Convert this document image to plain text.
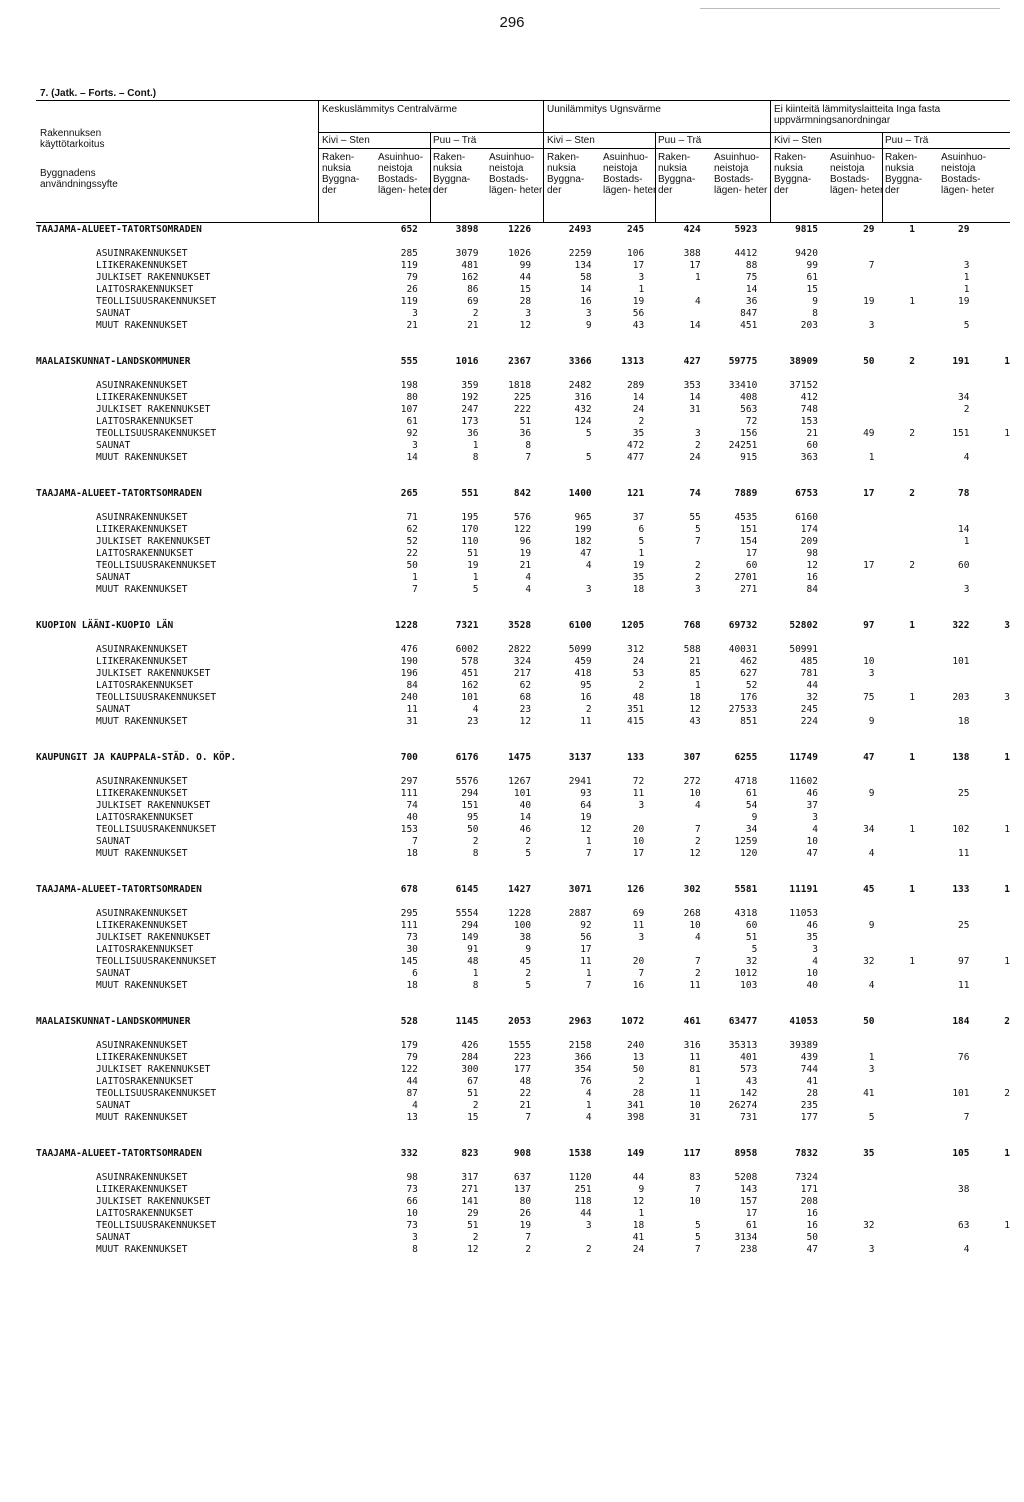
296
7. (Jatk. – Forts. – Cont.)
Rakennuksen käyttötarkoitus
Byggnadens användningssyfte
Keskuslämmitys Centralvärme	Uunilämmitys Ugnsvärme	Ei kiinteitä lämmityslaitteita Inga fasta uppvärmningsanordningar
Kivi – Sten	Puu – Trä	Kivi – Sten	Puu – Trä	Kivi – Sten	Puu – Trä
Raken- nuksia Byggna- der
Asuinhuo- neistoja Bostads- lägen- heter
Raken- nuksia Byggna- der
Asuinhuo- neistoja Bostads- lägen- heter
Raken- nuksia Byggna- der
Asuinhuo- neistoja Bostads- lägen- heter
Raken- nuksia Byggna- der
Asuinhuo- neistoja Bostads- lägen- heter
Raken- nuksia Byggna- der
Asuinhuo- neistoja Bostads- lägen- heter
Raken- nuksia Byggna- der
Asuinhuo- neistoja Bostads- lägen- heter
TAAJAMA-ALUEET-TATORTSOMRADEN	652	3898	1226	2493	245	424	5923	9815	29	1	29	

ASUINRAKENNUKSET	285	3079	1026	2259	106	388	4412	9420				
LIIKERAKENNUKSET	119	481	99	134	17	17	88	99	7		3	
JULKISET RAKENNUKSET	79	162	44	58	3	1	75	61			1	
LAITOSRAKENNUKSET	26	86	15	14	1		14	15			1	
TEOLLISUUSRAKENNUKSET	119	69	28	16	19	4	36	9	19	1	19	
SAUNAT	3	2	3	3	56		847	8				
MUUT RAKENNUKSET	21	21	12	9	43	14	451	203	3		5	

MAALAISKUNNAT-LANDSKOMMUNER	555	1016	2367	3366	1313	427	59775	38909	50	2	191	1

ASUINRAKENNUKSET	198	359	1818	2482	289	353	33410	37152				
LIIKERAKENNUKSET	80	192	225	316	14	14	408	412			34	
JULKISET RAKENNUKSET	107	247	222	432	24	31	563	748			2	
LAITOSRAKENNUKSET	61	173	51	124	2		72	153				
TEOLLISUUSRAKENNUKSET	92	36	36	5	35	3	156	21	49	2	151	1
SAUNAT	3	1	8		472	2	24251	60				
MUUT RAKENNUKSET	14	8	7	5	477	24	915	363	1		4	

TAAJAMA-ALUEET-TATORTSOMRADEN	265	551	842	1400	121	74	7889	6753	17	2	78	

ASUINRAKENNUKSET	71	195	576	965	37	55	4535	6160				
LIIKERAKENNUKSET	62	170	122	199	6	5	151	174			14	
JULKISET RAKENNUKSET	52	110	96	182	5	7	154	209			1	
LAITOSRAKENNUKSET	22	51	19	47	1		17	98				
TEOLLISUUSRAKENNUKSET	50	19	21	4	19	2	60	12	17	2	60	
SAUNAT	1	1	4		35	2	2701	16				
MUUT RAKENNUKSET	7	5	4	3	18	3	271	84			3	

KUOPION LÄÄNI-KUOPIO LÄN	1228	7321	3528	6100	1205	768	69732	52802	97	1	322	3

ASUINRAKENNUKSET	476	6002	2822	5099	312	588	40031	50991				
LIIKERAKENNUKSET	190	578	324	459	24	21	462	485	10		101	
JULKISET RAKENNUKSET	196	451	217	418	53	85	627	781	3			
LAITOSRAKENNUKSET	84	162	62	95	2	1	52	44				
TEOLLISUUSRAKENNUKSET	240	101	68	16	48	18	176	32	75	1	203	3
SAUNAT	11	4	23	2	351	12	27533	245				
MUUT RAKENNUKSET	31	23	12	11	415	43	851	224	9		18	

KAUPUNGIT JA KAUPPALA-STÄD. O. KÖP.	700	6176	1475	3137	133	307	6255	11749	47	1	138	1

ASUINRAKENNUKSET	297	5576	1267	2941	72	272	4718	11602				
LIIKERAKENNUKSET	111	294	101	93	11	10	61	46	9		25	
JULKISET RAKENNUKSET	74	151	40	64	3	4	54	37				
LAITOSRAKENNUKSET	40	95	14	19			9	3				
TEOLLISUUSRAKENNUKSET	153	50	46	12	20	7	34	4	34	1	102	1
SAUNAT	7	2	2	1	10	2	1259	10				
MUUT RAKENNUKSET	18	8	5	7	17	12	120	47	4		11	

TAAJAMA-ALUEET-TATORTSOMRADEN	678	6145	1427	3071	126	302	5581	11191	45	1	133	1

ASUINRAKENNUKSET	295	5554	1228	2887	69	268	4318	11053				
LIIKERAKENNUKSET	111	294	100	92	11	10	60	46	9		25	
JULKISET RAKENNUKSET	73	149	38	56	3	4	51	35				
LAITOSRAKENNUKSET	30	91	9	17			5	3				
TEOLLISUUSRAKENNUKSET	145	48	45	11	20	7	32	4	32	1	97	1
SAUNAT	6	1	2	1	7	2	1012	10				
MUUT RAKENNUKSET	18	8	5	7	16	11	103	40	4		11	

MAALAISKUNNAT-LANDSKOMMUNER	528	1145	2053	2963	1072	461	63477	41053	50		184	2

ASUINRAKENNUKSET	179	426	1555	2158	240	316	35313	39389				
LIIKERAKENNUKSET	79	284	223	366	13	11	401	439	1		76	
JULKISET RAKENNUKSET	122	300	177	354	50	81	573	744	3			
LAITOSRAKENNUKSET	44	67	48	76	2	1	43	41				
TEOLLISUUSRAKENNUKSET	87	51	22	4	28	11	142	28	41		101	2
SAUNAT	4	2	21	1	341	10	26274	235				
MUUT RAKENNUKSET	13	15	7	4	398	31	731	177	5		7	

TAAJAMA-ALUEET-TATORTSOMRADEN	332	823	908	1538	149	117	8958	7832	35		105	1

ASUINRAKENNUKSET	98	317	637	1120	44	83	5208	7324				
LIIKERAKENNUKSET	73	271	137	251	9	7	143	171			38	
JULKISET RAKENNUKSET	66	141	80	118	12	10	157	208				
LAITOSRAKENNUKSET	10	29	26	44	1		17	16				
TEOLLISUUSRAKENNUKSET	73	51	19	3	18	5	61	16	32		63	1
SAUNAT	3	2	7		41	5	3134	50				
MUUT RAKENNUKSET	8	12	2	2	24	7	238	47	3		4	
